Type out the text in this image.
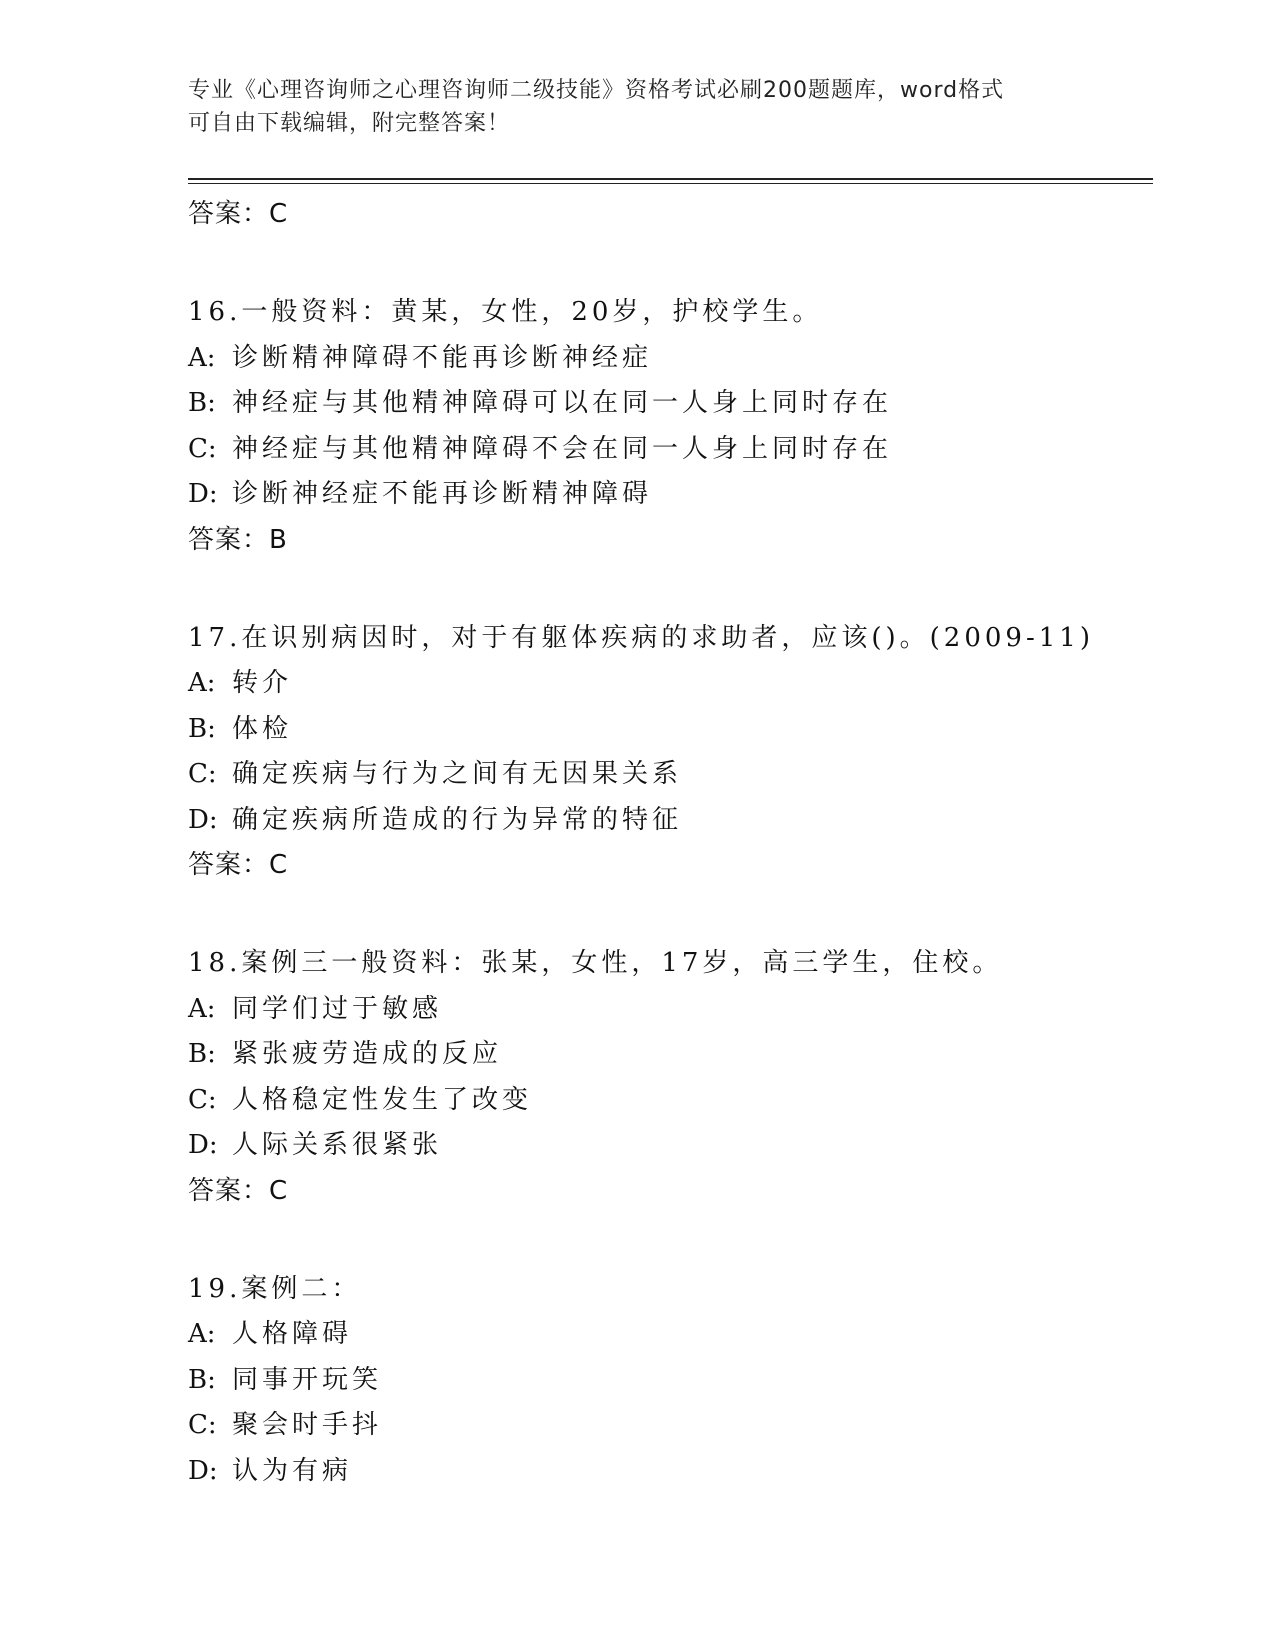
专业《心理咨询师之心理咨询师二级技能》资格考试必刷200题题库，word格式
可自由下载编辑，附完整答案！
答案：C
16.一般资料：黄某，女性，20岁，护校学生。
A: 诊断精神障碍不能再诊断神经症
B: 神经症与其他精神障碍可以在同一人身上同时存在
C: 神经症与其他精神障碍不会在同一人身上同时存在
D: 诊断神经症不能再诊断精神障碍
答案：B
17.在识别病因时，对于有躯体疾病的求助者，应该()。(2009-11)
A: 转介
B: 体检
C: 确定疾病与行为之间有无因果关系
D: 确定疾病所造成的行为异常的特征
答案：C
18.案例三一般资料：张某，女性，17岁，高三学生，住校。
A: 同学们过于敏感
B: 紧张疲劳造成的反应
C: 人格稳定性发生了改变
D: 人际关系很紧张
答案：C
19.案例二：
A: 人格障碍
B: 同事开玩笑
C: 聚会时手抖
D: 认为有病
